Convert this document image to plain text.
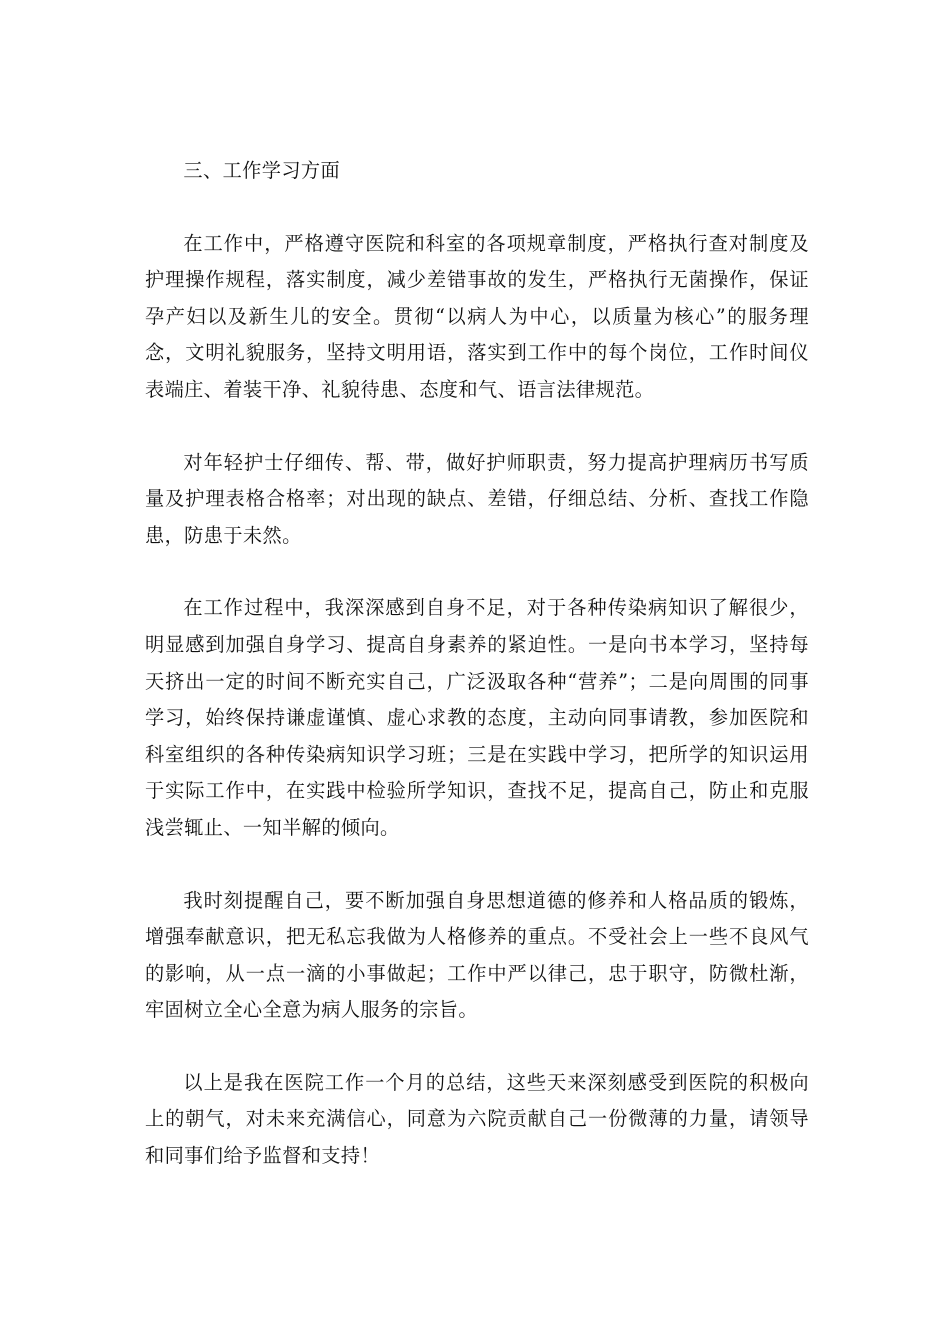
三、工作学习方面

在工作中，严格遵守医院和科室的各项规章制度，严格执行查对制度及护理操作规程，落实制度，减少差错事故的发生，严格执行无菌操作，保证孕产妇以及新生儿的安全。贯彻“以病人为中心，以质量为核心”的服务理念，文明礼貌服务，坚持文明用语，落实到工作中的每个岗位，工作时间仪表端庄、着装干净、礼貌待患、态度和气、语言法律规范。

对年轻护士仔细传、帮、带，做好护师职责，努力提高护理病历书写质量及护理表格合格率；对出现的缺点、差错，仔细总结、分析、查找工作隐患，防患于未然。

在工作过程中，我深深感到自身不足，对于各种传染病知识了解很少，明显感到加强自身学习、提高自身素养的紧迫性。一是向书本学习，坚持每天挤出一定的时间不断充实自己，广泛汲取各种“营养”；二是向周围的同事学习，始终保持谦虚谨慎、虚心求教的态度，主动向同事请教，参加医院和科室组织的各种传染病知识学习班；三是在实践中学习，把所学的知识运用于实际工作中，在实践中检验所学知识，查找不足，提高自己，防止和克服浅尝辄止、一知半解的倾向。

我时刻提醒自己，要不断加强自身思想道德的修养和人格品质的锻炼，增强奉献意识，把无私忘我做为人格修养的重点。不受社会上一些不良风气的影响，从一点一滴的小事做起；工作中严以律己，忠于职守，防微杜渐，牢固树立全心全意为病人服务的宗旨。

以上是我在医院工作一个月的总结，这些天来深刻感受到医院的积极向上的朝气，对未来充满信心，同意为六院贡献自己一份微薄的力量，请领导和同事们给予监督和支持！
